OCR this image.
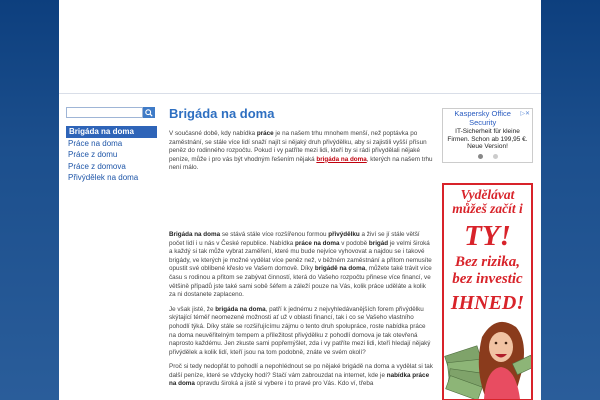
Brigáda na doma
Práce na doma
Práce z domu
Práce z domova
Přivýdělek na doma
Brigáda na doma

V současné době, kdy nabídka práce je na našem trhu mnohem menší, než poptávka po zaměstnání, se stále více lidí snaží najít si nějaký druh přivýdělku, aby si zajistili vyšší přísun peněz do rodinného rozpočtu. Pokud i vy patříte mezi lidi, kteří by si rádi přivydělali nějaké peníze, může i pro vás být vhodným řešením nějaká brigáda na doma, kterých na našem trhu není málo.

Brigáda na doma se stává stále více rozšířenou formou přivýdělku a živí se jí stále větší počet lidí i u nás v České republice. Nabídka práce na doma v podobě brigád je velmi široká a každý si tak může vybrat zaměření, které mu bude nejvíce vyhovovat a najdou se i takové brigády, ve kterých je možné vydělat více peněz než, v běžném zaměstnání a přitom nemusíte opustit své oblíbené křeslo ve Vašem domově. Díky brigádě na doma, můžete také trávit více času s rodinou a přitom se zabývat činností, která do Vašeho rozpočtu přinese více financí, ve většině případů jste také sami sobě šéfem a záleží pouze na Vás, kolik práce uděláte a kolik za ni dostanete zaplaceno.

Je však jisté, že brigáda na doma, patří k jednému z nejvyhledávanějších forem přivýdělku skýtající téměř neomezené možnosti ať už v oblasti financí, tak i co se Vašeho vlastního pohodlí týká. Díky stále se rozšiřujícímu zájmu o tento druh spolupráce, roste nabídka práce na doma neuvěřitelným tempem a příležitost přivýdělku z pohodlí domova je tak otevřená naprosto každému. Jen zkuste sami popřemýšlet, zda i vy patříte mezi lidi, kteří hledají nějaký přivýdělek a kolik lidí, kteří jsou na tom podobně, znáte ve svém okolí?

Proč si tedy nedopřát to pohodlí a nepohlédnout se po nějaké brigádě na doma a vydělat si tak další peníze, které se vždycky hodí? Stačí vám zabrouzdat na internet, kde je nabídka práce na doma opravdu široká a jistě si vybere i to pravé pro Vás. Kdo ví, třeba

Kaspersky Office Security
▷✕
IT-Sicherheit für kleine Firmen. Schon ab 199,95 €. Neue Version!
Vydělávat můžeš začít i
TY!
Bez rizika, bez investic
IHNED!
